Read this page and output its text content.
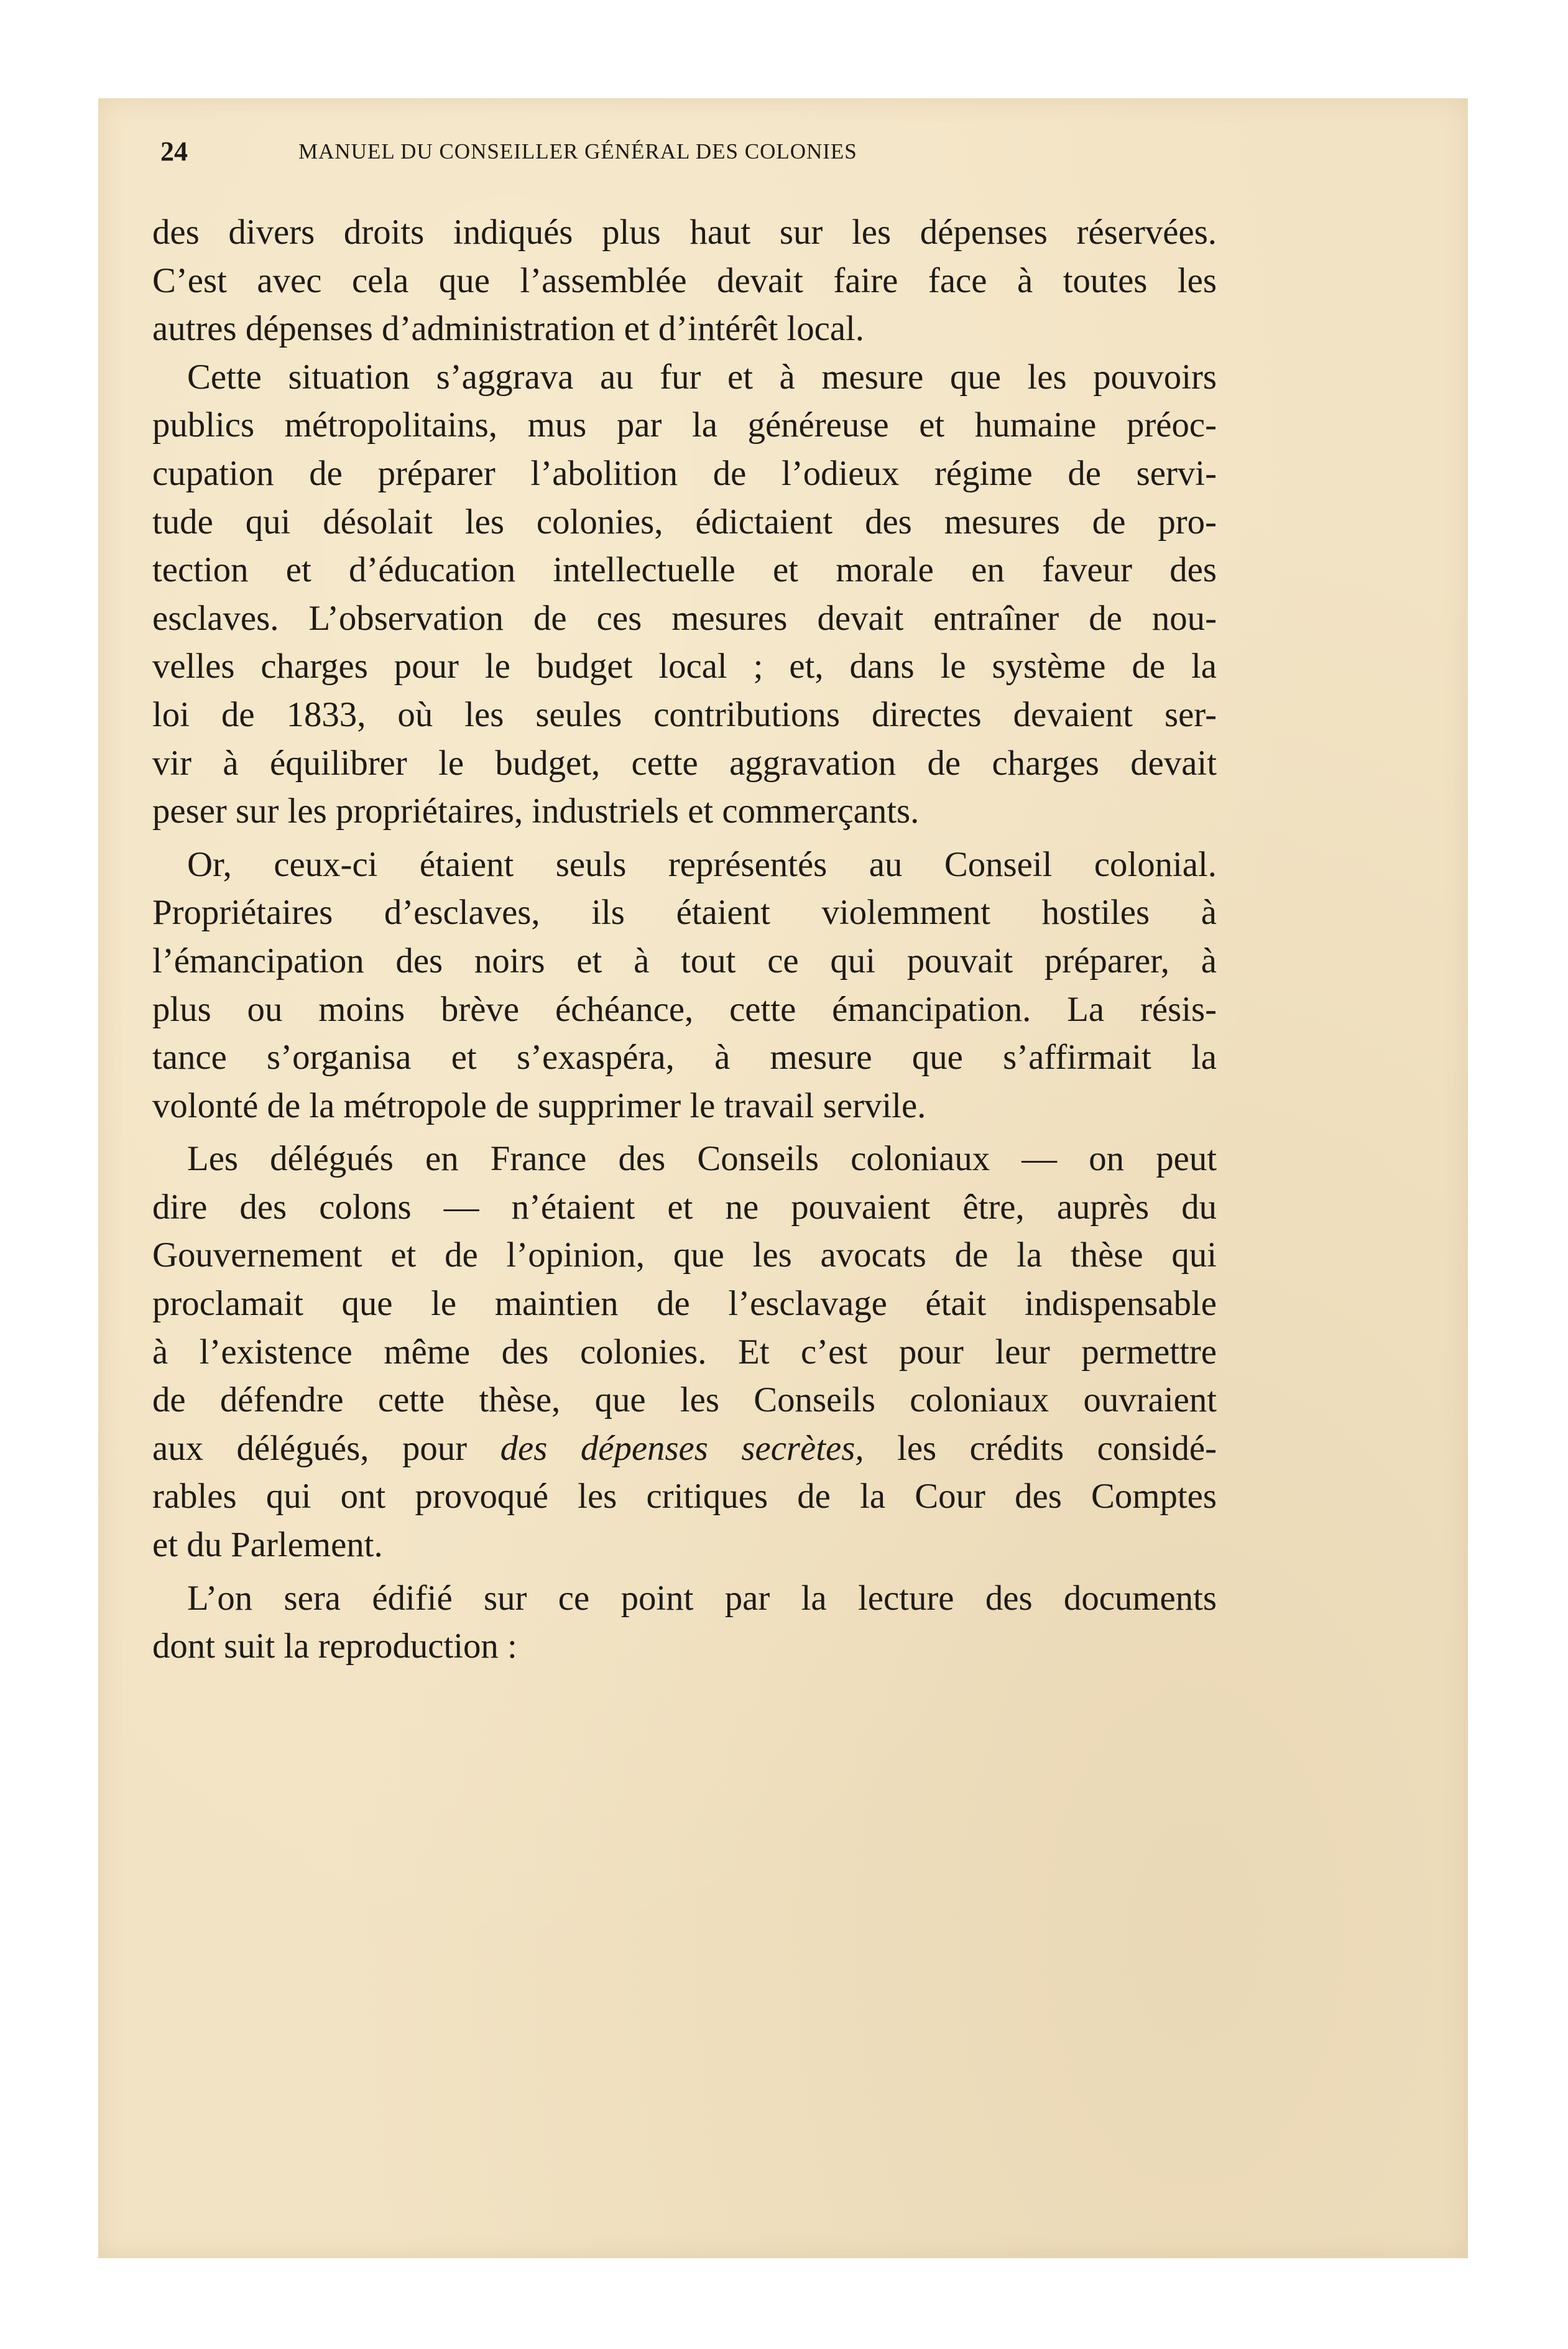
24	MANUEL DU CONSEILLER GÉNÉRAL DES COLONIES
des divers droits indiqués plus haut sur les dépenses réservées.
C’est avec cela que l’assemblée devait faire face à toutes les
autres dépenses d’administration et d’intérêt local.
Cette situation s’aggrava au fur et à mesure que les pouvoirs
publics métropolitains, mus par la généreuse et humaine préoc-
cupation de préparer l’abolition de l’odieux régime de servi-
tude qui désolait les colonies, édictaient des mesures de pro-
tection et d’éducation intellectuelle et morale en faveur des
esclaves. L’observation de ces mesures devait entraîner de nou-
velles charges pour le budget local ; et, dans le système de la
loi de 1833, où les seules contributions directes devaient ser-
vir à équilibrer le budget, cette aggravation de charges devait
peser sur les propriétaires, industriels et commerçants.
Or, ceux-ci étaient seuls représentés au Conseil colonial.
Propriétaires d’esclaves, ils étaient violemment hostiles à
l’émancipation des noirs et à tout ce qui pouvait préparer, à
plus ou moins brève échéance, cette émancipation. La résis-
tance s’organisa et s’exaspéra, à mesure que s’affirmait la
volonté de la métropole de supprimer le travail servile.
Les délégués en France des Conseils coloniaux — on peut
dire des colons — n’étaient et ne pouvaient être, auprès du
Gouvernement et de l’opinion, que les avocats de la thèse qui
proclamait que le maintien de l’esclavage était indispensable
à l’existence même des colonies. Et c’est pour leur permettre
de défendre cette thèse, que les Conseils coloniaux ouvraient
aux délégués, pour des dépenses secrètes, les crédits considé-
rables qui ont provoqué les critiques de la Cour des Comptes
et du Parlement.
L’on sera édifié sur ce point par la lecture des documents
dont suit la reproduction :
